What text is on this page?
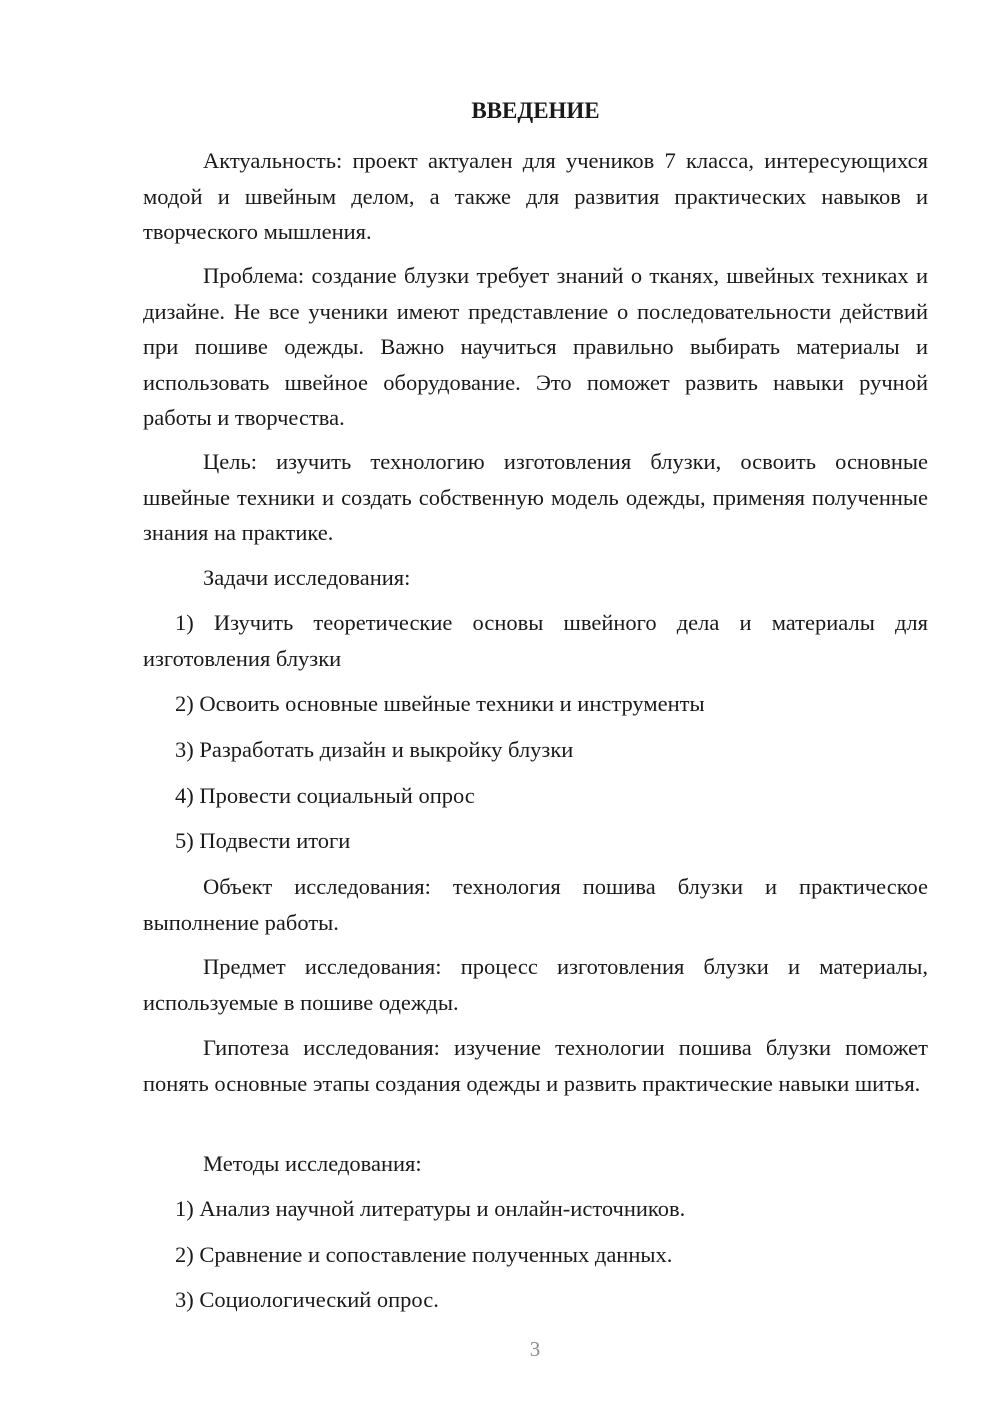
ВВЕДЕНИЕ

Актуальность: проект актуален для учеников 7 класса, интересующихся модой и швейным делом, а также для развития практических навыков и творческого мышления.

Проблема: создание блузки требует знаний о тканях, швейных техниках и дизайне. Не все ученики имеют представление о последовательности действий при пошиве одежды. Важно научиться правильно выбирать материалы и использовать швейное оборудование. Это поможет развить навыки ручной работы и творчества.

Цель: изучить технологию изготовления блузки, освоить основные швейные техники и создать собственную модель одежды, применяя полученные знания на практике.

Задачи исследования:

1) Изучить теоретические основы швейного дела и материалы для изготовления блузки

2) Освоить основные швейные техники и инструменты

3) Разработать дизайн и выкройку блузки

4) Провести социальный опрос

5) Подвести итоги

Объект исследования: технология пошива блузки и практическое выполнение работы.

Предмет исследования: процесс изготовления блузки и материалы, используемые в пошиве одежды.

Гипотеза исследования: изучение технологии пошива блузки поможет понять основные этапы создания одежды и развить практические навыки шитья.

Методы исследования:

1) Анализ научной литературы и онлайн-источников.

2) Сравнение и сопоставление полученных данных.

3) Социологический опрос.

3
